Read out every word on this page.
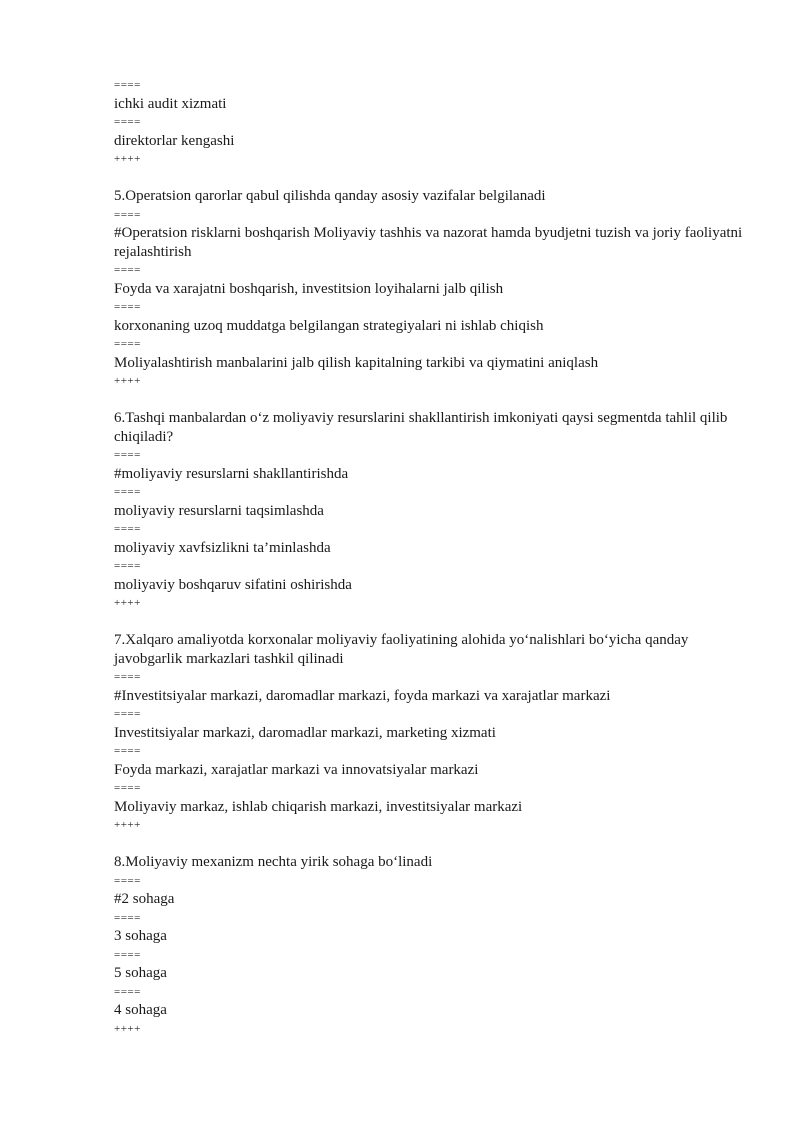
====
ichki audit xizmati
====
direktorlar kengashi
++++
5.Operatsion qarorlar qabul qilishda qanday asosiy vazifalar belgilanadi
====
#Operatsion risklarni boshqarish Moliyaviy tashhis va nazorat hamda byudjetni tuzish va joriy faoliyatni rejalashtirish
====
Foyda va xarajatni boshqarish, investitsion loyihalarni jalb qilish
====
korxonaning uzoq muddatga belgilangan strategiyalari ni ishlab chiqish
====
Moliyalashtirish manbalarini jalb qilish kapitalning tarkibi va qiymatini aniqlash
++++
6.Tashqi manbalardan o‘z moliyaviy resurslarini shakllantirish imkoniyati qaysi segmentda tahlil qilib chiqiladi?
====
#moliyaviy resurslarni shakllantirishda
====
moliyaviy resurslarni taqsimlashda
====
moliyaviy xavfsizlikni ta’minlashda
====
moliyaviy boshqaruv sifatini oshirishda
++++
7.Xalqaro amaliyotda korxonalar moliyaviy faoliyatining alohida yo‘nalishlari bo‘yicha qanday javobgarlik markazlari tashkil qilinadi
====
#Investitsiyalar markazi, daromadlar markazi, foyda markazi va xarajatlar markazi
====
Investitsiyalar markazi, daromadlar markazi, marketing xizmati
====
Foyda markazi, xarajatlar markazi va innovatsiyalar markazi
====
Moliyaviy markaz, ishlab chiqarish markazi, investitsiyalar markazi
++++
8.Moliyaviy mexanizm nechta yirik sohaga bo‘linadi
====
#2 sohaga
====
3 sohaga
====
5 sohaga
====
4 sohaga
++++
